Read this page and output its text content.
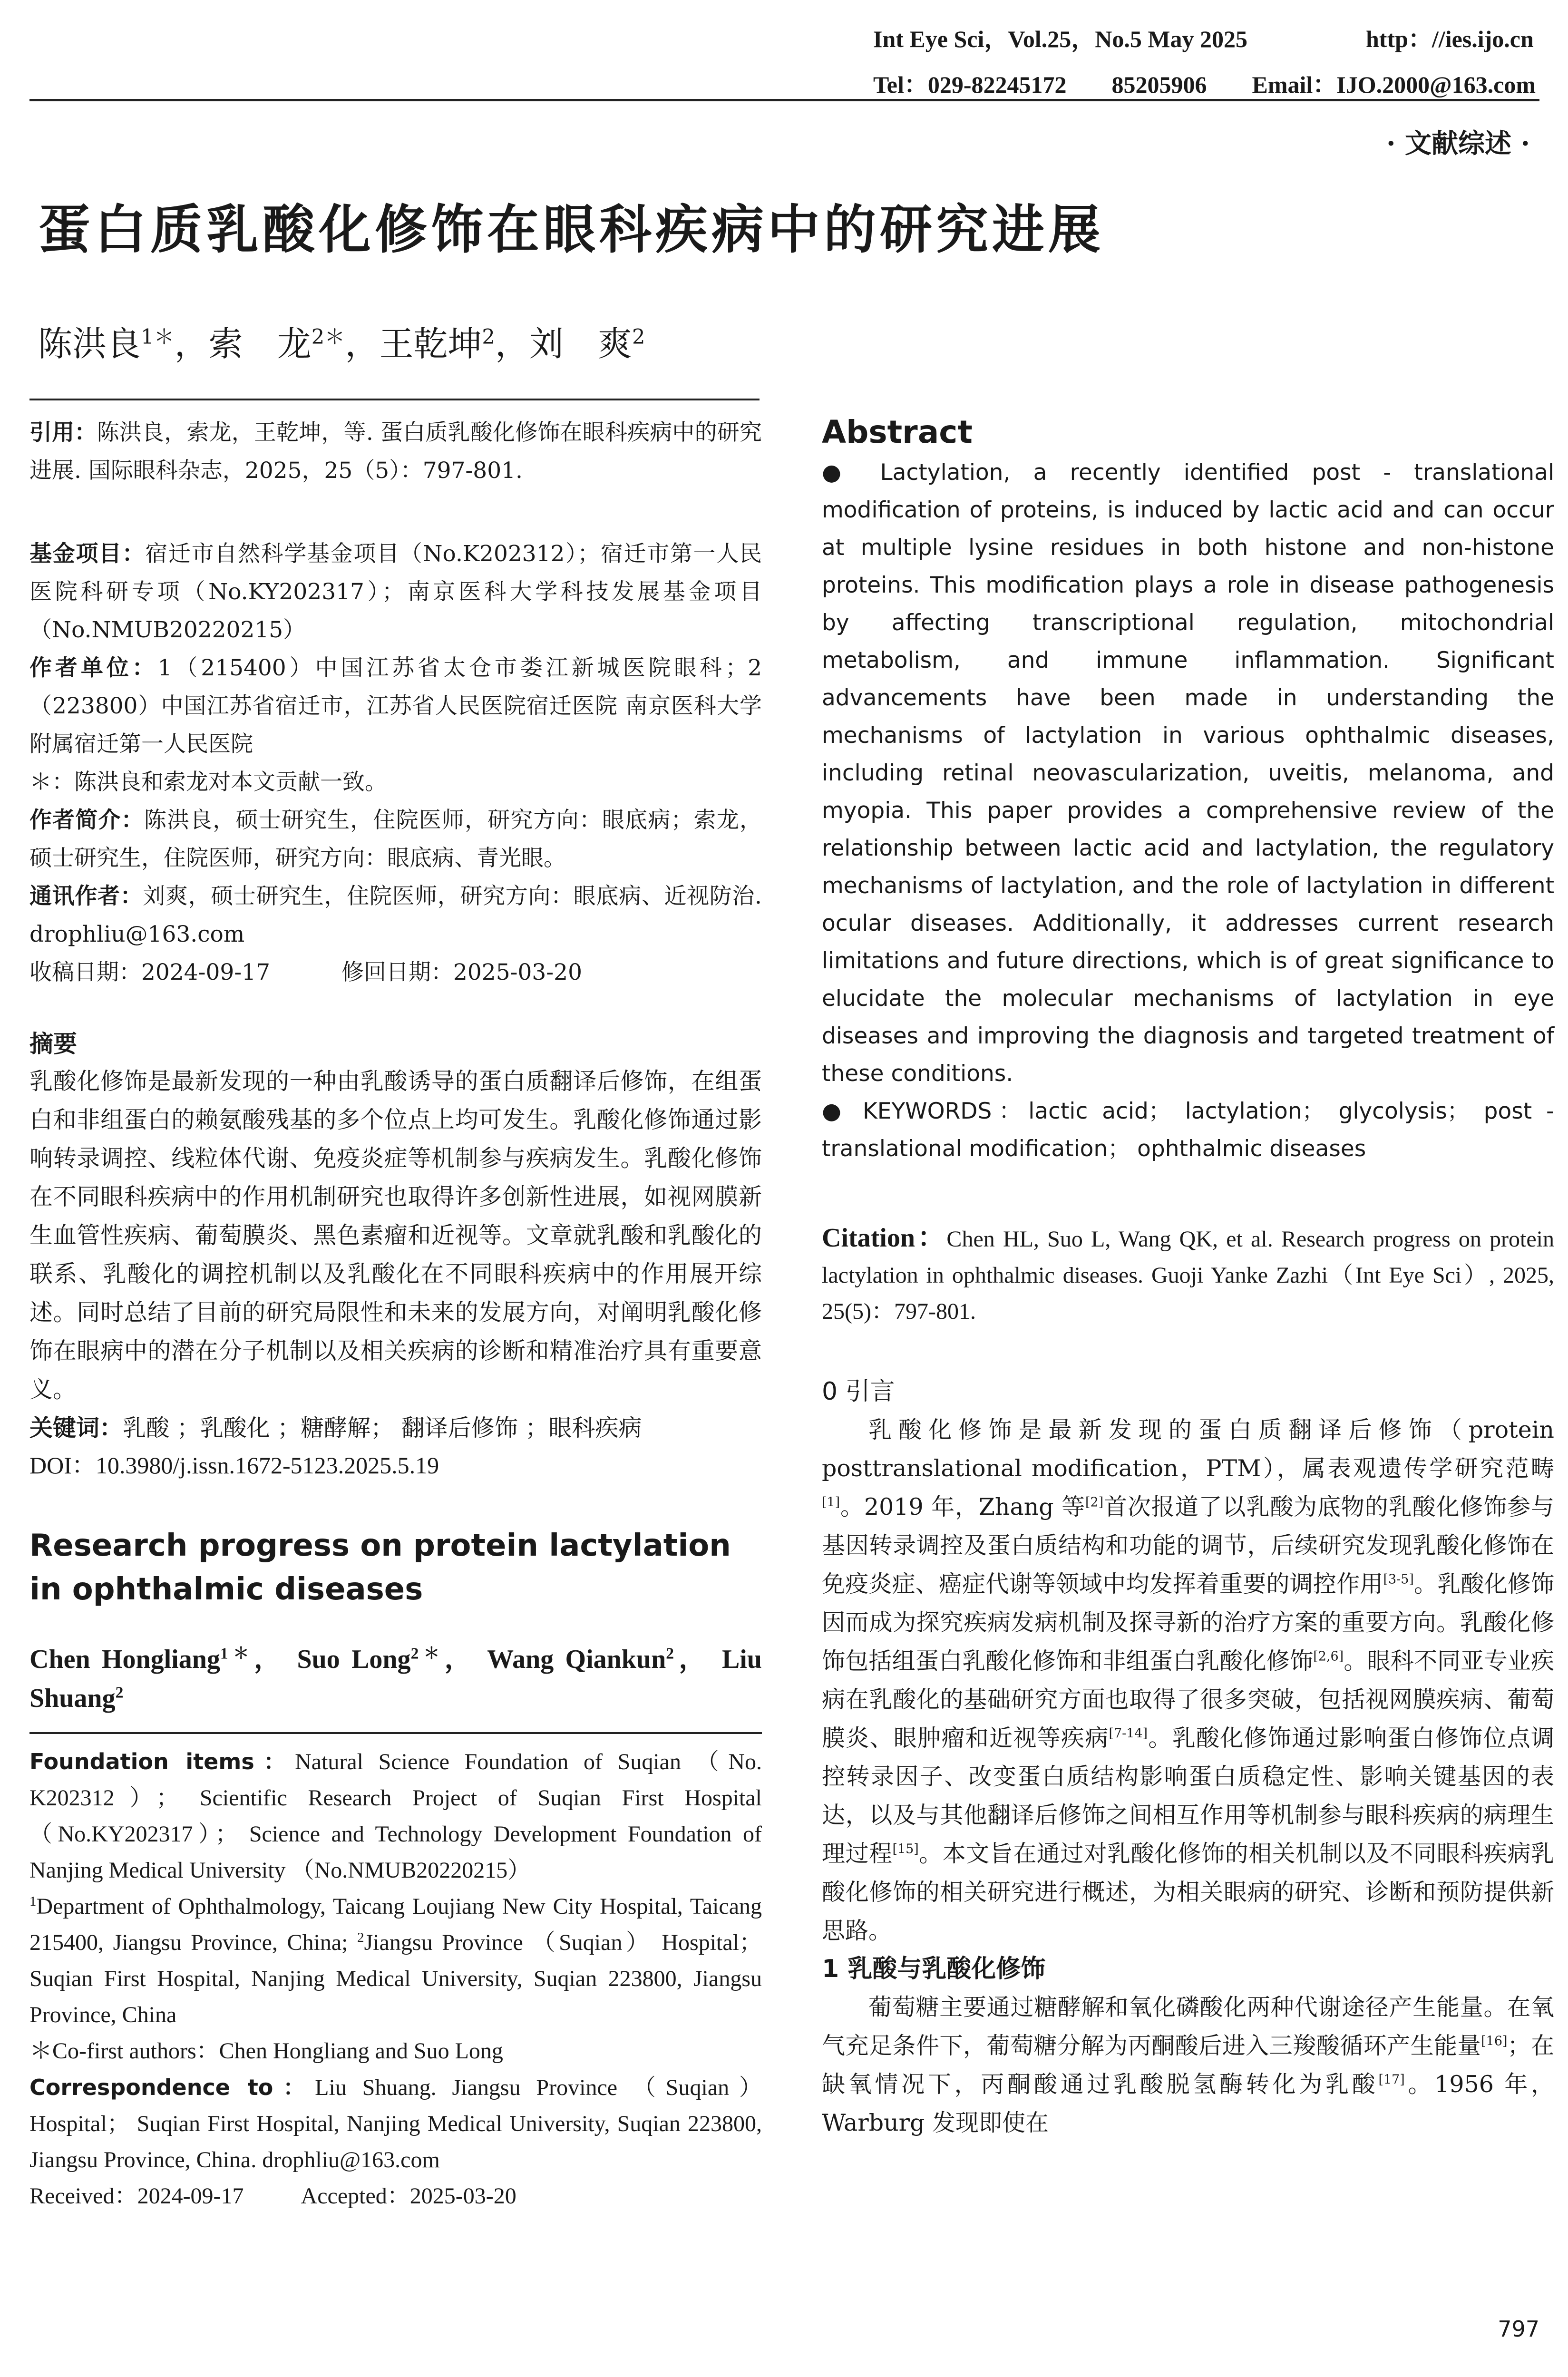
Int Eye Sci，Vol.25，No.5 May 2025	http：//ies.ijo.cn
Tel：029-82245172 85205906 Email：IJO.2000@163.com
· 文献综述 ·
蛋白质乳酸化修饰在眼科疾病中的研究进展
陈洪良$^{1*}$，索　龙$^{2*}$，王乾坤$^2$，刘　爽$^2$

引用：陈洪良，索龙，王乾坤，等. 蛋白质乳酸化修饰在眼科疾病中的研究进展. 国际眼科杂志，2025，25（5）：797-801.

基金项目：宿迁市自然科学基金项目（No.K202312）；宿迁市第一人民医院科研专项（No.KY202317）；南京医科大学科技发展基金项目（No.NMUB20220215）

作者单位：1（215400）中国江苏省太仓市娄江新城医院眼科；2（223800）中国江苏省宿迁市，江苏省人民医院宿迁医院 南京医科大学附属宿迁第一人民医院

＊：陈洪良和索龙对本文贡献一致。

作者简介：陈洪良，硕士研究生，住院医师，研究方向：眼底病；索龙，硕士研究生，住院医师，研究方向：眼底病、青光眼。

通讯作者：刘爽，硕士研究生，住院医师，研究方向：眼底病、近视防治. drophliu@163.com

收稿日期：2024-09-17	修回日期：2025-03-20

摘要

乳酸化修饰是最新发现的一种由乳酸诱导的蛋白质翻译后修饰，在组蛋白和非组蛋白的赖氨酸残基的多个位点上均可发生。乳酸化修饰通过影响转录调控、线粒体代谢、免疫炎症等机制参与疾病发生。乳酸化修饰在不同眼科疾病中的作用机制研究也取得许多创新性进展，如视网膜新生血管性疾病、葡萄膜炎、黑色素瘤和近视等。文章就乳酸和乳酸化的联系、乳酸化的调控机制以及乳酸化在不同眼科疾病中的作用展开综述。同时总结了目前的研究局限性和未来的发展方向，对阐明乳酸化修饰在眼病中的潜在分子机制以及相关疾病的诊断和精准治疗具有重要意义。

关键词：乳酸 ；乳酸化 ；糖酵解； 翻译后修饰 ；眼科疾病

DOI：10.3980/j.issn.1672-5123.2025.5.19

Research progress on protein lactylation in ophthalmic diseases

Chen Hongliang$^{1*}$， Suo Long$^{2*}$， Wang Qiankun$^2$， Liu Shuang$^2$

Foundation items：Natural Science Foundation of Suqian （No. K202312）； Scientific Research Project of Suqian First Hospital （No.KY202317）； Science and Technology Development Foundation of Nanjing Medical University （No.NMUB20220215）

$^1$Department of Ophthalmology, Taicang Loujiang New City Hospital, Taicang 215400, Jiangsu Province, China; $^2$Jiangsu Province （Suqian） Hospital； Suqian First Hospital, Nanjing Medical University, Suqian 223800, Jiangsu Province, China

＊Co-first authors：Chen Hongliang and Suo Long

Correspondence to：Liu Shuang. Jiangsu Province （Suqian） Hospital； Suqian First Hospital, Nanjing Medical University, Suqian 223800, Jiangsu Province, China. drophliu@163.com

Received：2024-09-17	Accepted：2025-03-20

Abstract

● Lactylation, a recently identified post - translational modification of proteins, is induced by lactic acid and can occur at multiple lysine residues in both histone and non-histone proteins. This modification plays a role in disease pathogenesis by affecting transcriptional regulation, mitochondrial metabolism, and immune inflammation. Significant advancements have been made in understanding the mechanisms of lactylation in various ophthalmic diseases, including retinal neovascularization, uveitis, melanoma, and myopia. This paper provides a comprehensive review of the relationship between lactic acid and lactylation, the regulatory mechanisms of lactylation, and the role of lactylation in different ocular diseases. Additionally, it addresses current research limitations and future directions, which is of great significance to elucidate the molecular mechanisms of lactylation in eye diseases and improving the diagnosis and targeted treatment of these conditions.

● KEYWORDS：lactic acid； lactylation； glycolysis； post - translational modification； ophthalmic diseases

Citation：Chen HL, Suo L, Wang QK, et al. Research progress on protein lactylation in ophthalmic diseases. Guoji Yanke Zazhi（Int Eye Sci）, 2025, 25(5)：797-801.

0 引言

乳酸化修饰是最新发现的蛋白质翻译后修饰（protein posttranslational modification，PTM），属表观遗传学研究范畴[1]。2019 年，Zhang 等[2]首次报道了以乳酸为底物的乳酸化修饰参与基因转录调控及蛋白质结构和功能的调节，后续研究发现乳酸化修饰在免疫炎症、癌症代谢等领域中均发挥着重要的调控作用[3-5]。乳酸化修饰因而成为探究疾病发病机制及探寻新的治疗方案的重要方向。乳酸化修饰包括组蛋白乳酸化修饰和非组蛋白乳酸化修饰[2,6]。眼科不同亚专业疾病在乳酸化的基础研究方面也取得了很多突破，包括视网膜疾病、葡萄膜炎、眼肿瘤和近视等疾病[7-14]。乳酸化修饰通过影响蛋白修饰位点调控转录因子、改变蛋白质结构影响蛋白质稳定性、影响关键基因的表达，以及与其他翻译后修饰之间相互作用等机制参与眼科疾病的病理生理过程[15]。本文旨在通过对乳酸化修饰的相关机制以及不同眼科疾病乳酸化修饰的相关研究进行概述，为相关眼病的研究、诊断和预防提供新思路。

1 乳酸与乳酸化修饰

葡萄糖主要通过糖酵解和氧化磷酸化两种代谢途径产生能量。在氧气充足条件下，葡萄糖分解为丙酮酸后进入三羧酸循环产生能量[16]；在缺氧情况下，丙酮酸通过乳酸脱氢酶转化为乳酸[17]。1956 年，Warburg 发现即使在

797
